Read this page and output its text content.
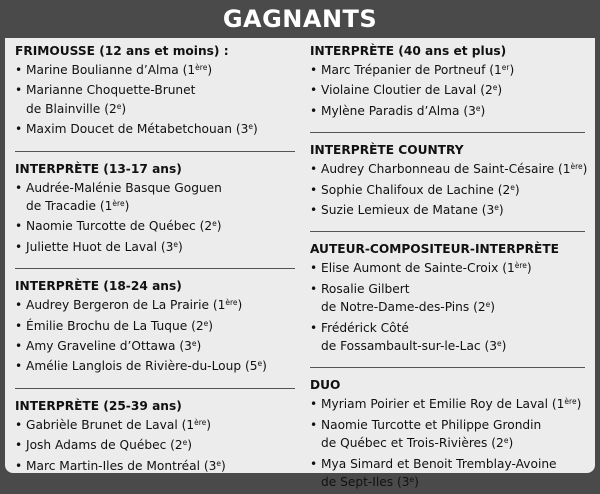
GAGNANTS
FRIMOUSSE (12 ans et moins) :
• Marine Boulianne d’Alma (1ère)
• Marianne Choquette-Brunet
de Blainville (2e)
• Maxim Doucet de Métabetchouan (3e)
INTERPRÈTE (13-17 ans)
• Audrée-Malénie Basque Goguen
de Tracadie (1ère)
• Naomie Turcotte de Québec (2e)
• Juliette Huot de Laval (3e)
INTERPRÈTE (18-24 ans)
• Audrey Bergeron de La Prairie (1ère)
• Émilie Brochu de La Tuque (2e)
• Amy Graveline d’Ottawa (3e)
• Amélie Langlois de Rivière-du-Loup (5e)
INTERPRÈTE (25-39 ans)
• Gabrièle Brunet de Laval (1ère)
• Josh Adams de Québec (2e)
• Marc Martin-Iles de Montréal (3e)
INTERPRÈTE (40 ans et plus)
• Marc Trépanier de Portneuf (1er)
• Violaine Cloutier de Laval (2e)
• Mylène Paradis d’Alma (3e)
INTERPRÈTE COUNTRY
• Audrey Charbonneau de Saint-Césaire (1ère)
• Sophie Chalifoux de Lachine (2e)
• Suzie Lemieux de Matane (3e)
AUTEUR-COMPOSITEUR-INTERPRÈTE
• Elise Aumont de Sainte-Croix (1ère)
• Rosalie Gilbert
de Notre-Dame-des-Pins (2e)
• Frédérick Côté
de Fossambault-sur-le-Lac (3e)
DUO
• Myriam Poirier et Emilie Roy de Laval (1ère)
• Naomie Turcotte et Philippe Grondin
de Québec et Trois-Rivières (2e)
• Mya Simard et Benoit Tremblay-Avoine
de Sept-Iles (3e)
